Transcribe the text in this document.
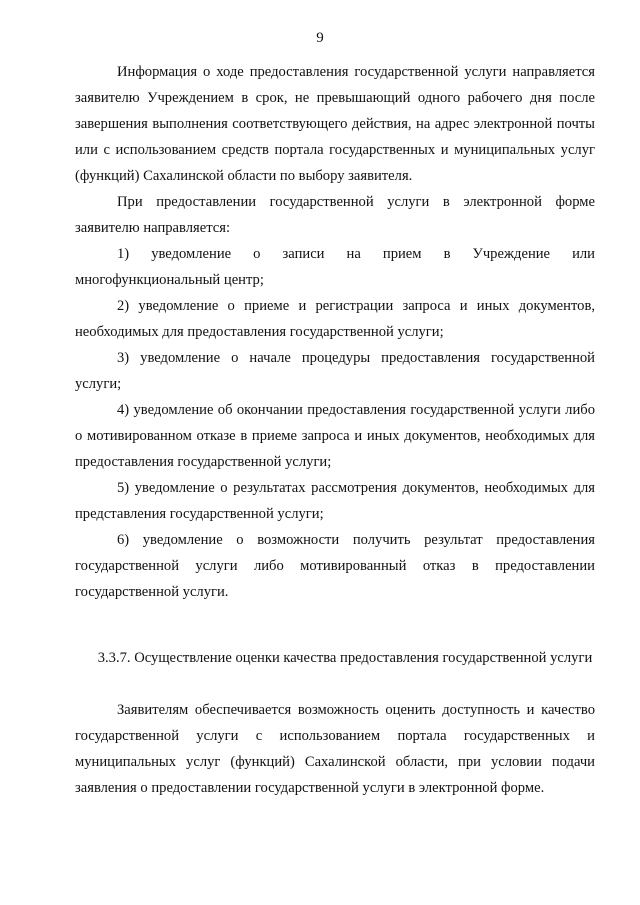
9

Информация о ходе предоставления государственной услуги направляется заявителю Учреждением в срок, не превышающий одного рабочего дня после завершения выполнения соответствующего действия, на адрес электронной почты или с использованием средств портала государственных и муниципальных услуг (функций) Сахалинской области по выбору заявителя.

При предоставлении государственной услуги в электронной форме заявителю направляется:

1) уведомление о записи на прием в Учреждение или многофункциональный центр;

2) уведомление о приеме и регистрации запроса и иных документов, необходимых для предоставления государственной услуги;

3) уведомление о начале процедуры предоставления государственной услуги;

4) уведомление об окончании предоставления государственной услуги либо о мотивированном отказе в приеме запроса и иных документов, необходимых для предоставления государственной услуги;

5) уведомление о результатах рассмотрения документов, необходимых для представления государственной услуги;

6) уведомление о возможности получить результат предоставления государственной услуги либо мотивированный отказ в предоставлении государственной услуги.

3.3.7. Осуществление оценки качества предоставления государственной услуги

Заявителям обеспечивается возможность оценить доступность и качество государственной услуги с использованием портала государственных и муниципальных услуг (функций) Сахалинской области, при условии подачи заявления о предоставлении государственной услуги в электронной форме.
